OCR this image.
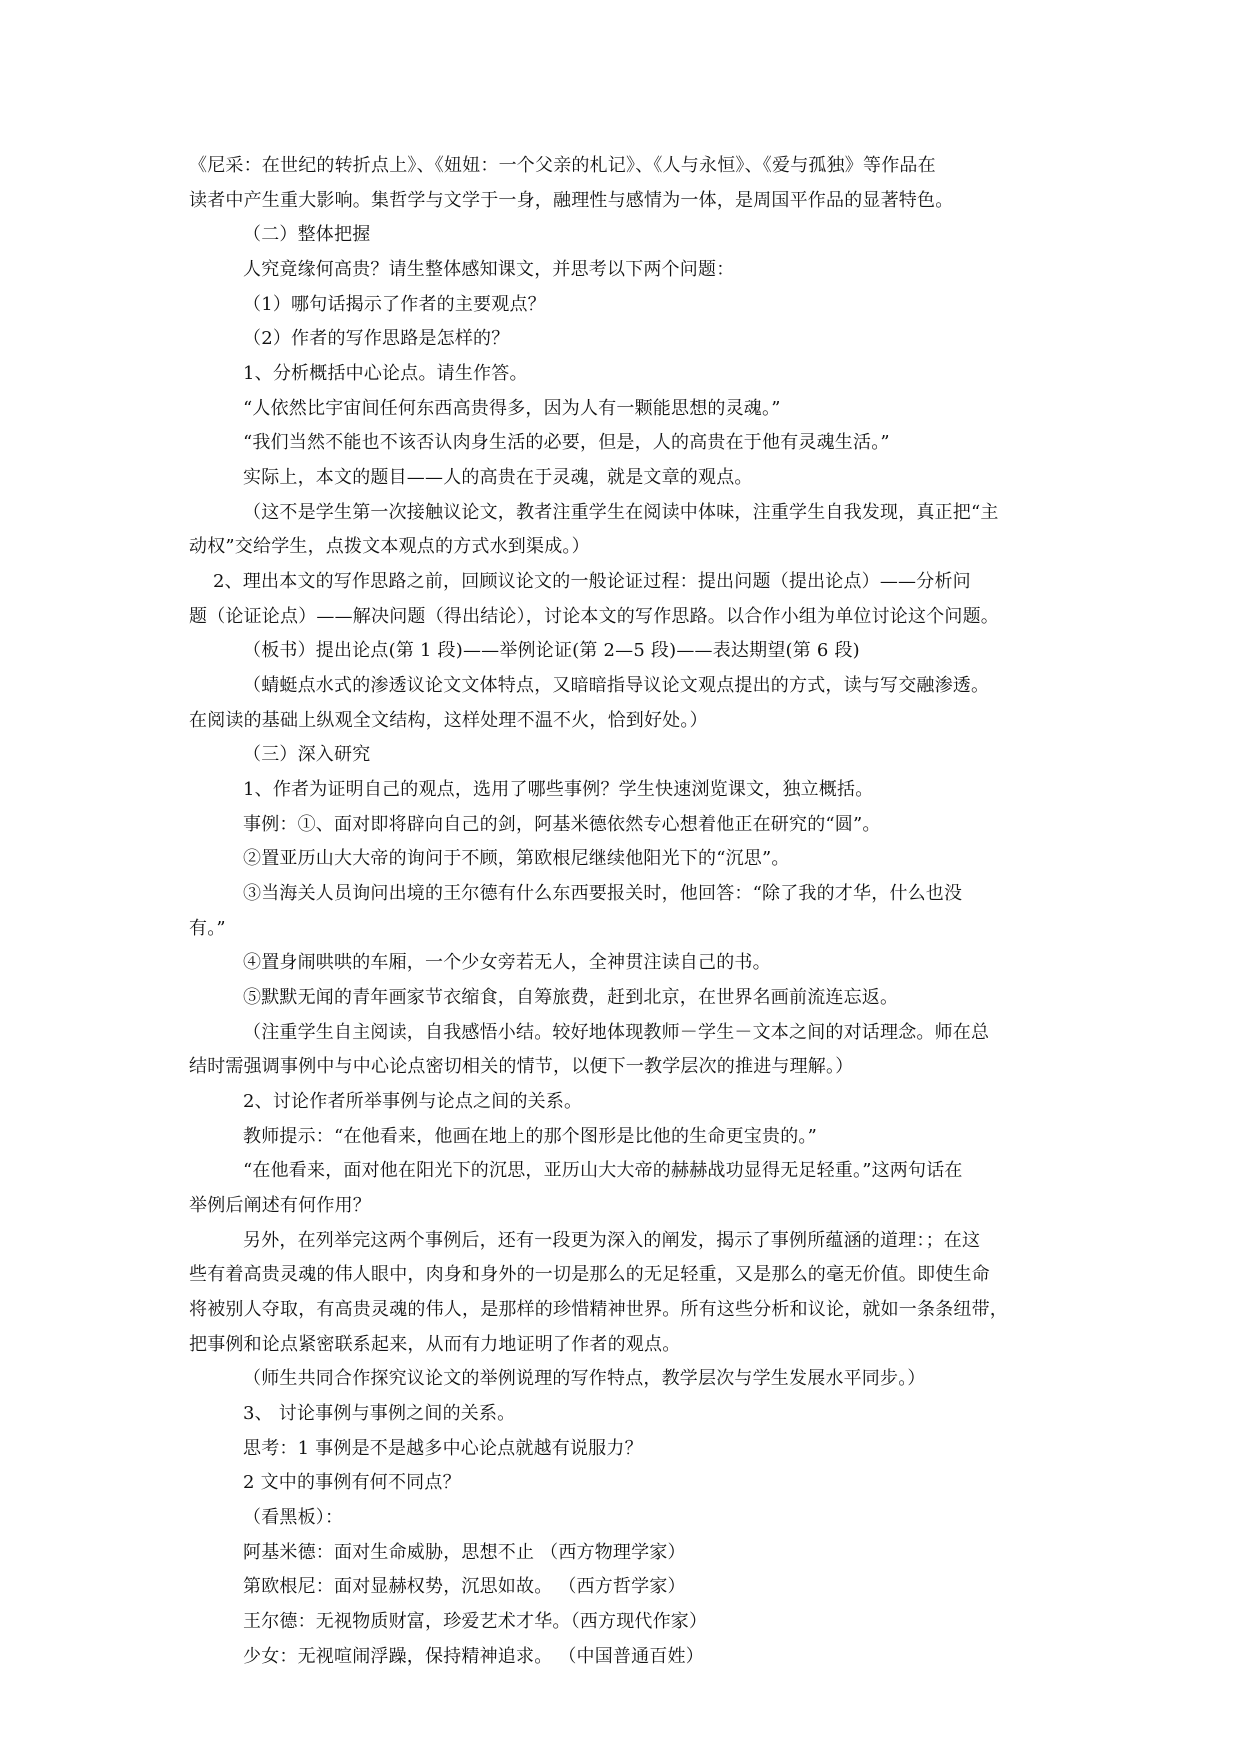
《尼采：在世纪的转折点上》、《妞妞：一个父亲的札记》、《人与永恒》、《爱与孤独》等作品在
读者中产生重大影响。集哲学与文学于一身，融理性与感情为一体，是周国平作品的显著特色。
（二）整体把握
人究竟缘何高贵？请生整体感知课文，并思考以下两个问题：
（1）哪句话揭示了作者的主要观点？
（2）作者的写作思路是怎样的？
1、分析概括中心论点。请生作答。
“人依然比宇宙间任何东西高贵得多，因为人有一颗能思想的灵魂。”
“我们当然不能也不该否认肉身生活的必要，但是，人的高贵在于他有灵魂生活。”
实际上，本文的题目——人的高贵在于灵魂，就是文章的观点。
（这不是学生第一次接触议论文，教者注重学生在阅读中体味，注重学生自我发现，真正把“主
动权”交给学生，点拨文本观点的方式水到渠成。）
2、理出本文的写作思路之前，回顾议论文的一般论证过程：提出问题（提出论点）——分析问
题（论证论点）——解决问题（得出结论），讨论本文的写作思路。以合作小组为单位讨论这个问题。
（板书）提出论点(第 1 段)——举例论证(第 2—5 段)——表达期望(第 6 段)
（蜻蜓点水式的渗透议论文文体特点，又暗暗指导议论文观点提出的方式，读与写交融渗透。
在阅读的基础上纵观全文结构，这样处理不温不火，恰到好处。）
（三）深入研究
1、作者为证明自己的观点，选用了哪些事例？学生快速浏览课文，独立概括。
事例：①、面对即将辟向自己的剑，阿基米德依然专心想着他正在研究的“圆”。
②置亚历山大大帝的询问于不顾，第欧根尼继续他阳光下的“沉思”。
③当海关人员询问出境的王尔德有什么东西要报关时，他回答：“除了我的才华，什么也没
有。”
④置身闹哄哄的车厢，一个少女旁若无人，全神贯注读自己的书。
⑤默默无闻的青年画家节衣缩食，自筹旅费，赶到北京，在世界名画前流连忘返。
（注重学生自主阅读，自我感悟小结。较好地体现教师－学生－文本之间的对话理念。师在总
结时需强调事例中与中心论点密切相关的情节，以便下一教学层次的推进与理解。）
2、讨论作者所举事例与论点之间的关系。
教师提示：“在他看来，他画在地上的那个图形是比他的生命更宝贵的。”
“在他看来，面对他在阳光下的沉思，亚历山大大帝的赫赫战功显得无足轻重。”这两句话在
举例后阐述有何作用？
另外，在列举完这两个事例后，还有一段更为深入的阐发，揭示了事例所蕴涵的道理：；在这
些有着高贵灵魂的伟人眼中，肉身和身外的一切是那么的无足轻重，又是那么的毫无价值。即使生命
将被别人夺取，有高贵灵魂的伟人，是那样的珍惜精神世界。所有这些分析和议论，就如一条条纽带，
把事例和论点紧密联系起来，从而有力地证明了作者的观点。
（师生共同合作探究议论文的举例说理的写作特点，教学层次与学生发展水平同步。）
3、 讨论事例与事例之间的关系。
思考：1 事例是不是越多中心论点就越有说服力？
2 文中的事例有何不同点？
（看黑板）：
阿基米德：面对生命威胁，思想不止 （西方物理学家）
第欧根尼：面对显赫权势，沉思如故。 （西方哲学家）
王尔德：无视物质财富，珍爱艺术才华。（西方现代作家）
少女：无视喧闹浮躁，保持精神追求。 （中国普通百姓）
